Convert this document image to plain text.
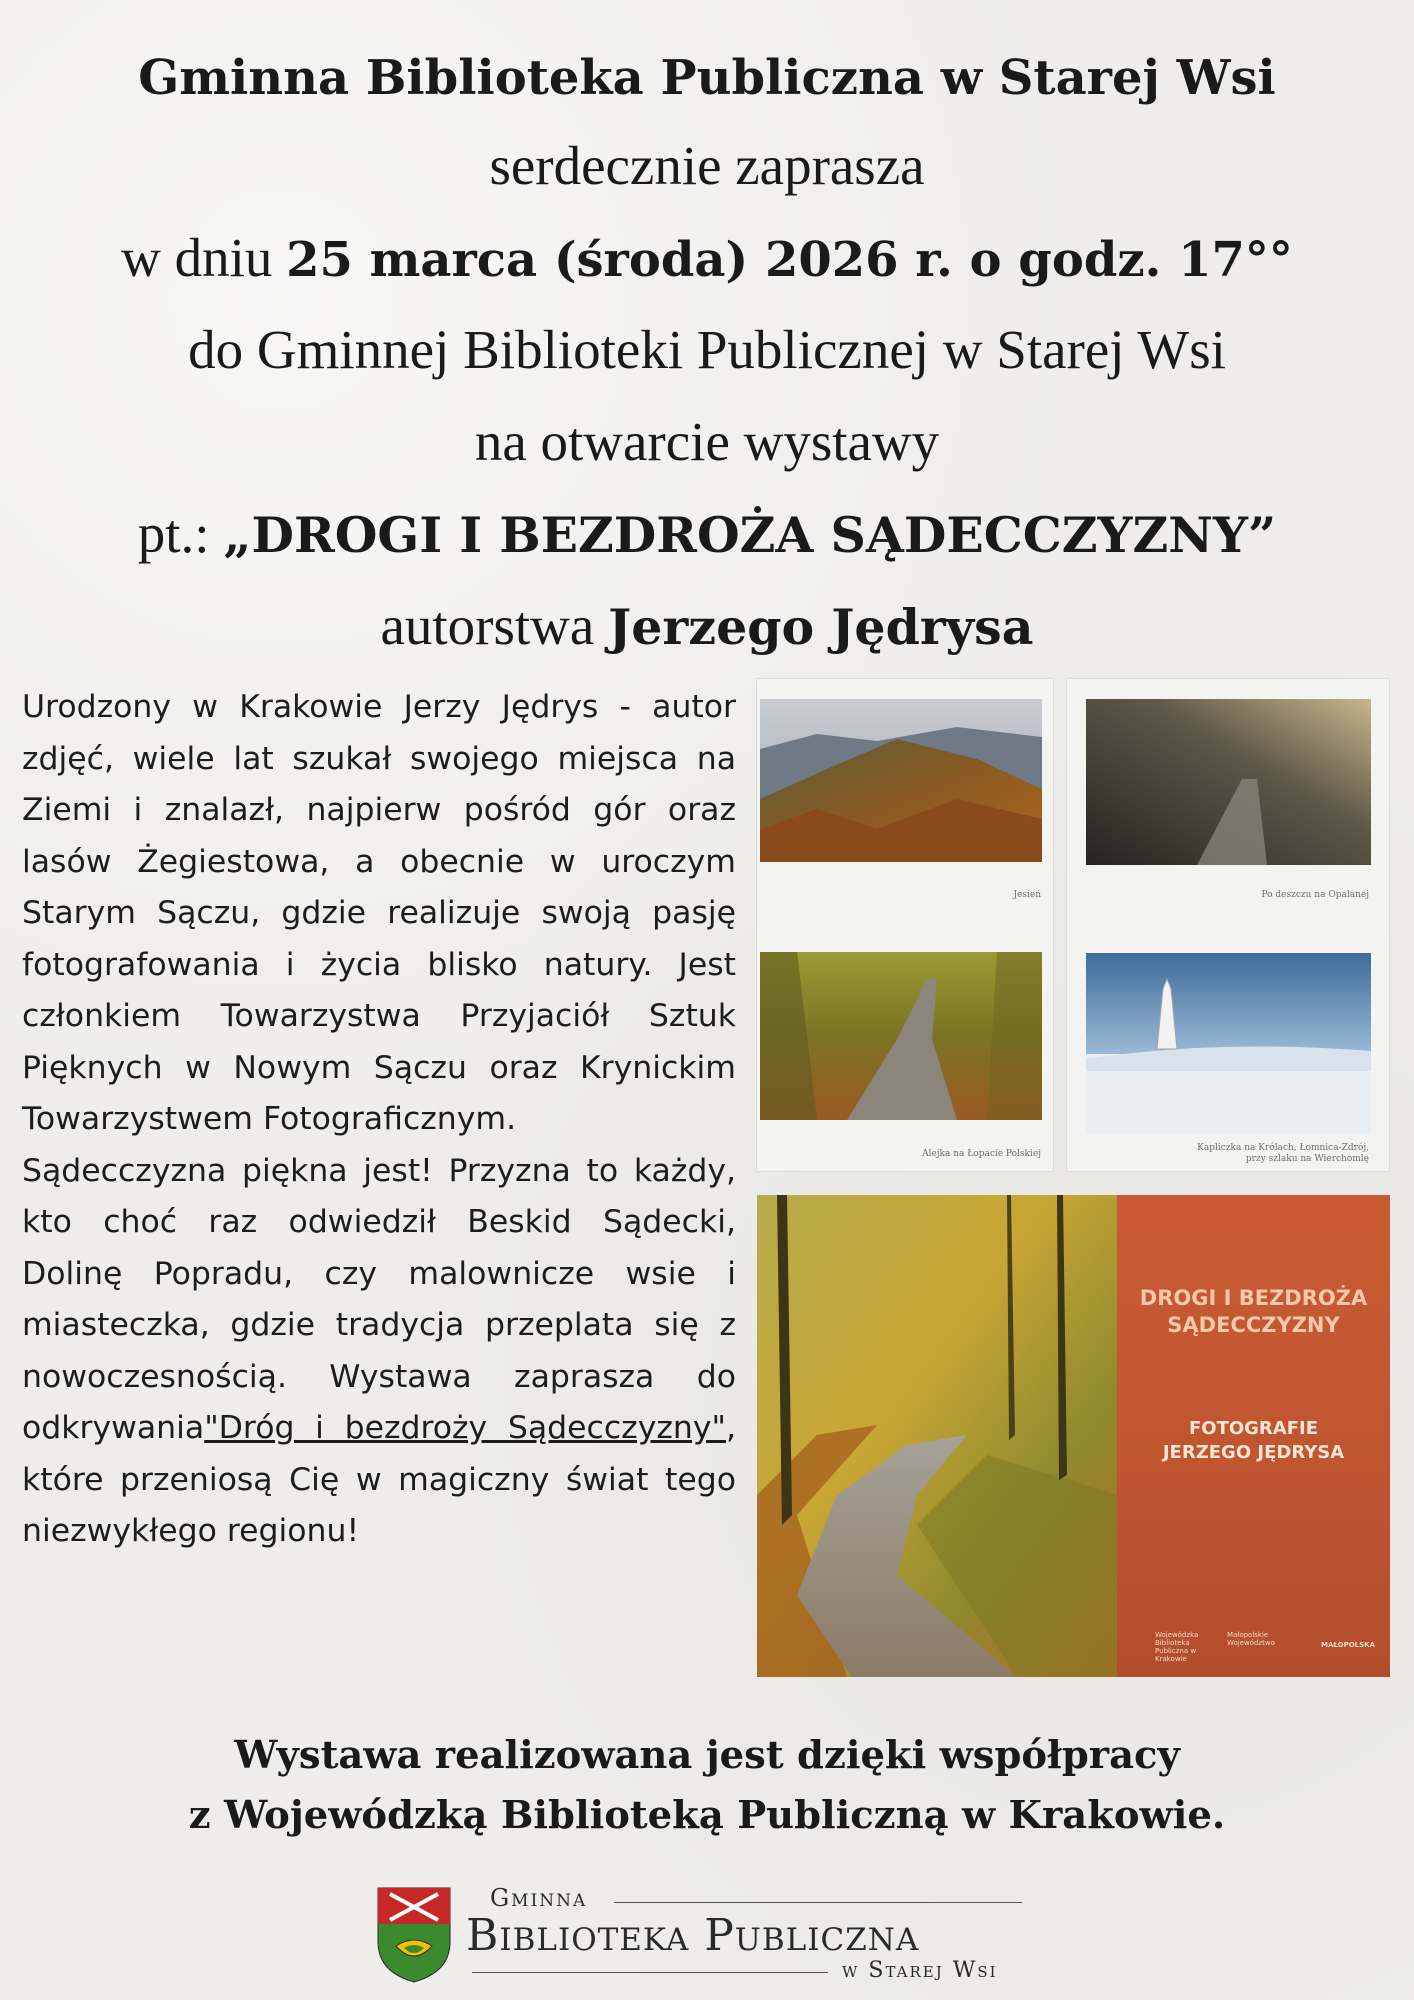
Gminna Biblioteka Publiczna w Starej Wsi
serdecznie zaprasza
w dniu 25 marca (środa) 2026 r. o godz. 17°°
do Gminnej Biblioteki Publicznej w Starej Wsi
na otwarcie wystawy
pt.: „DROGI I BEZDROŻA SĄDECCZYZNY”
autorstwa Jerzego Jędrysa

Urodzony w Krakowie Jerzy Jędrys - autor zdjęć, wiele lat szukał swojego miejsca na Ziemi i znalazł, najpierw pośród gór oraz lasów Żegiestowa, a obecnie w uroczym Starym Sączu, gdzie realizuje swoją pasję fotografowania i życia blisko natury. Jest członkiem Towarzystwa Przyjaciół Sztuk Pięknych w Nowym Sączu oraz Krynickim Towarzystwem Fotograficznym.

Sądecczyzna piękna jest! Przyzna to każdy, kto choć raz odwiedził Beskid Sądecki, Dolinę Popradu, czy malownicze wsie i miasteczka, gdzie tradycja przeplata się z nowoczesnością. Wystawa zaprasza do odkrywania"Dróg i bezdroży Sądecczyzny", które przeniosą Cię w magiczny świat tego niezwykłego regionu!

Jesień
Alejka na Łopacie Polskiej
Po deszczu na Opalanej
Kapliczka na Królach, Łomnica-Zdrój,
przy szlaku na Wierchomlę
DROGI I BEZDROŻA
SĄDECCZYZNY
FOTOGRAFIE
JERZEGO JĘDRYSA
Wojewódzka Biblioteka Publiczna w Krakowie
Małopolskie Województwo	MAŁOPOLSKA
Wystawa realizowana jest dzięki współpracy
z Wojewódzką Biblioteką Publiczną w Krakowie.
Gminna
Biblioteka Publiczna
w Starej Wsi
